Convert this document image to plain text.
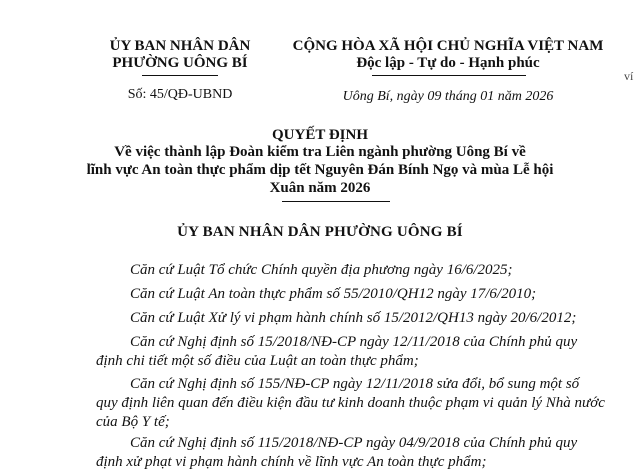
ỦY BAN NHÂN DÂN
PHƯỜNG UÔNG BÍ
Số: 45/QĐ-UBND
CỘNG HÒA XÃ HỘI CHỦ NGHĨA VIỆT NAM
Độc lập - Tự do - Hạnh phúc
Uông Bí, ngày 09 tháng 01 năm 2026
ví
QUYẾT ĐỊNH
Về việc thành lập Đoàn kiểm tra Liên ngành phường Uông Bí về
lĩnh vực An toàn thực phẩm dịp tết Nguyên Đán Bính Ngọ và mùa Lễ hội
Xuân năm 2026
ỦY BAN NHÂN DÂN PHƯỜNG UÔNG BÍ
Căn cứ Luật Tổ chức Chính quyền địa phương ngày 16/6/2025;
Căn cứ Luật An toàn thực phẩm số 55/2010/QH12 ngày 17/6/2010;
Căn cứ Luật Xử lý vi phạm hành chính số 15/2012/QH13 ngày 20/6/2012;
Căn cứ Nghị định số 15/2018/NĐ-CP ngày 12/11/2018 của Chính phủ quy
định chi tiết một số điều của Luật an toàn thực phẩm;
Căn cứ Nghị định số 155/NĐ-CP ngày 12/11/2018 sửa đổi, bổ sung một số
quy định liên quan đến điều kiện đầu tư kinh doanh thuộc phạm vi quản lý Nhà nước
của Bộ Y tế;
Căn cứ Nghị định số 115/2018/NĐ-CP ngày 04/9/2018 của Chính phủ quy
định xử phạt vi phạm hành chính về lĩnh vực An toàn thực phẩm;
